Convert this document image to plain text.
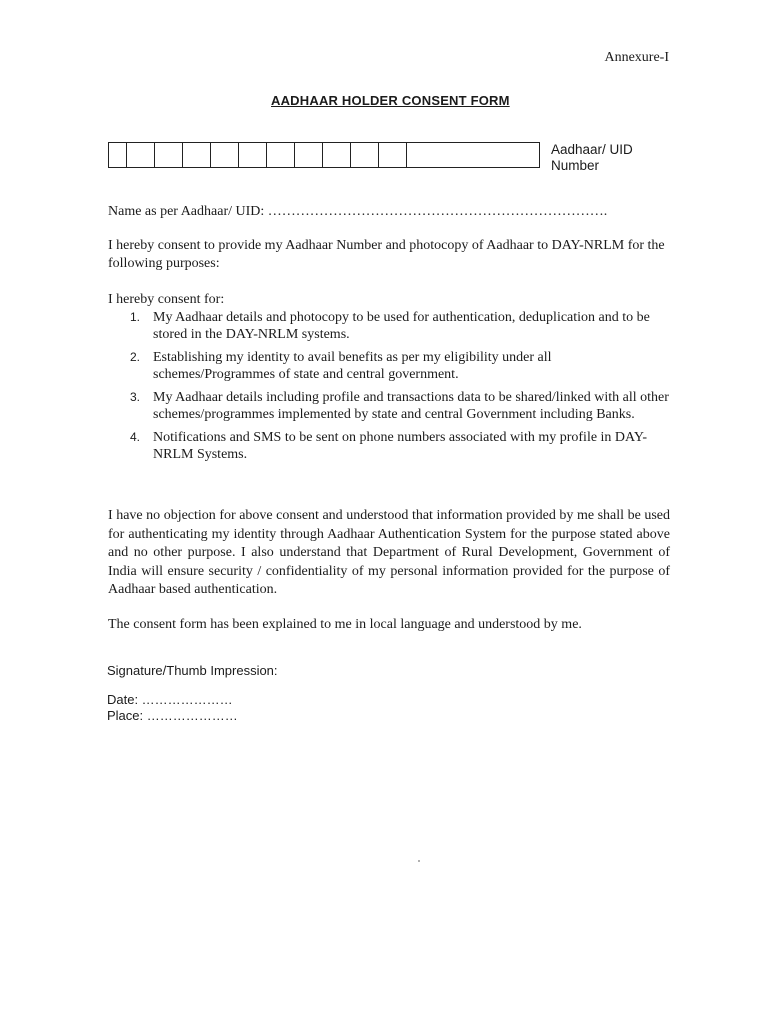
Annexure-I
AADHAAR HOLDER CONSENT FORM
Aadhaar/ UID
Number
Name as per Aadhaar/ UID: ……………………………………………………………….
I hereby consent to provide my Aadhaar Number and photocopy of Aadhaar to DAY-NRLM for the following purposes:
I hereby consent for:
1. My Aadhaar details and photocopy to be used for authentication, deduplication and to be stored in the DAY-NRLM systems.
2. Establishing my identity to avail benefits as per my eligibility under all schemes/Programmes of state and central government.
3. My Aadhaar details including profile and transactions data to be shared/linked with all other schemes/programmes implemented by state and central Government including Banks.
4. Notifications and SMS to be sent on phone numbers associated with my profile in DAY-NRLM Systems.
I have no objection for above consent and understood that information provided by me shall be used for authenticating my identity through Aadhaar Authentication System for the purpose stated above and no other purpose. I also understand that Department of Rural Development, Government of India will ensure security / confidentiality of my personal information provided for the purpose of Aadhaar based authentication.
The consent form has been explained to me in local language and understood by me.
Signature/Thumb Impression:
Date: …………………
Place: …………………
